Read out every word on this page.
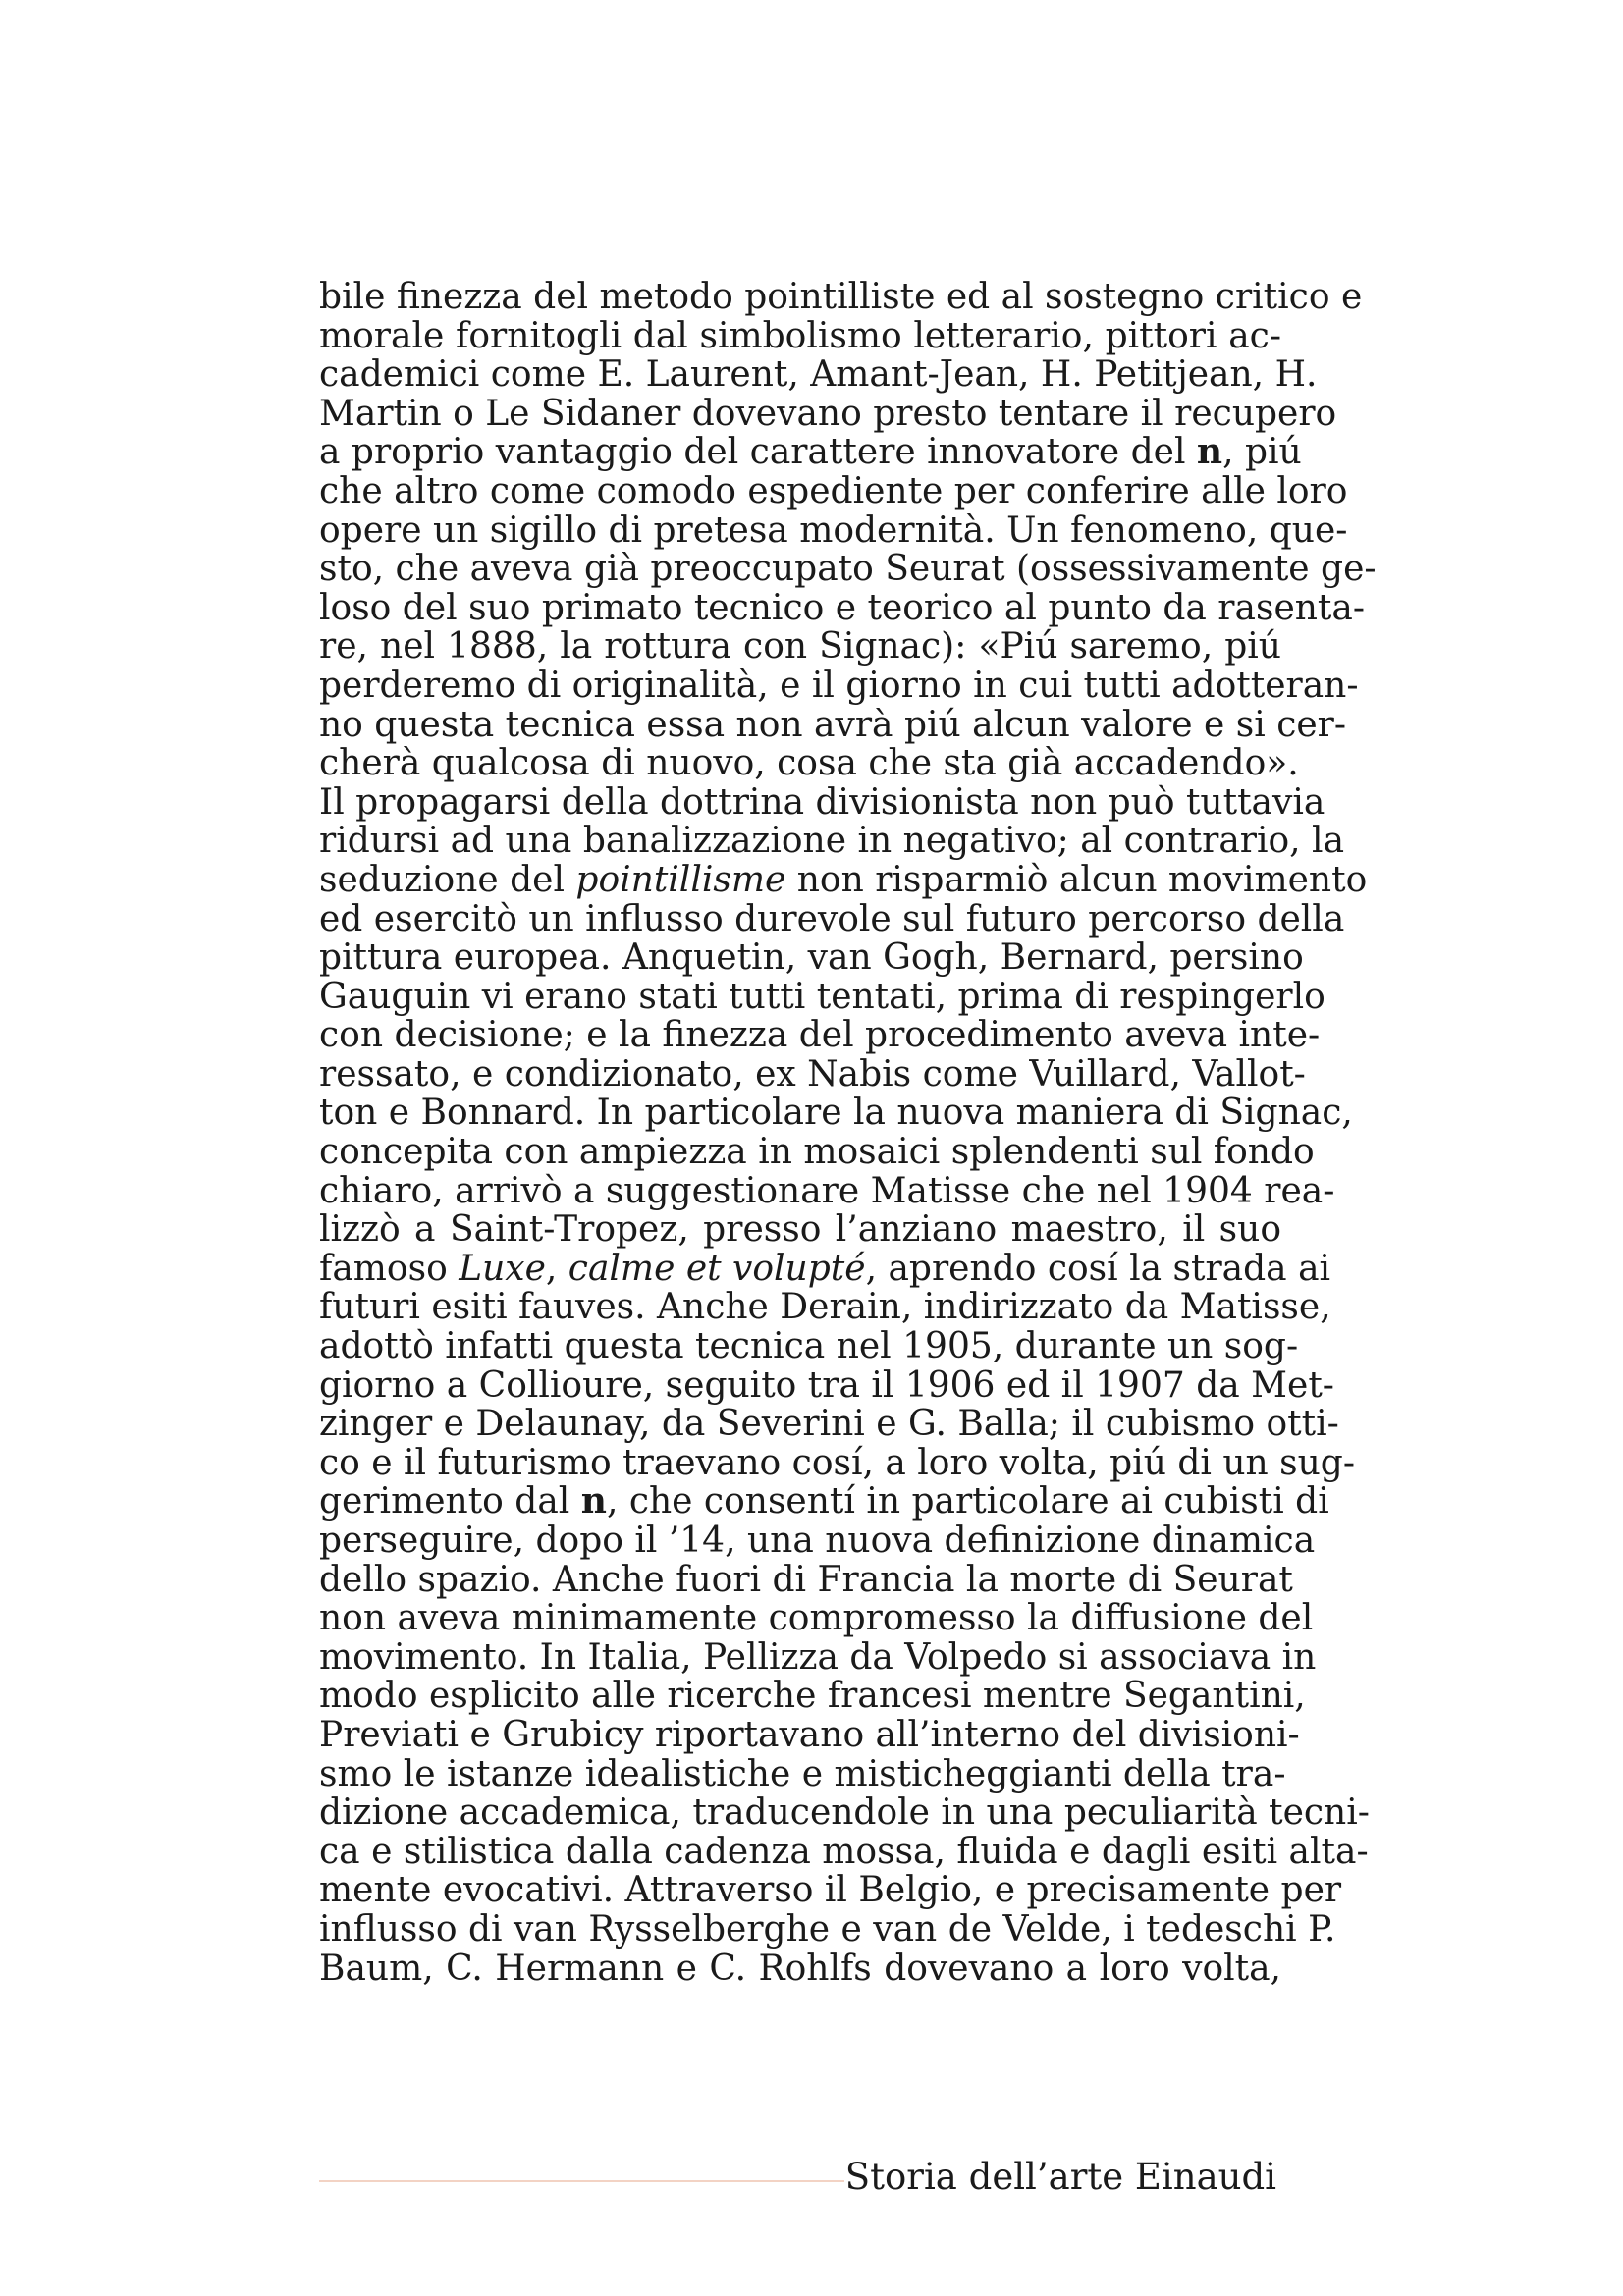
bile finezza del metodo pointilliste ed al sostegno critico e
morale fornitogli dal simbolismo letterario, pittori ac-
cademici come E. Laurent, Amant-Jean, H. Petitjean, H.
Martin o Le Sidaner dovevano presto tentare il recupero
a proprio vantaggio del carattere innovatore del n, piú
che altro come comodo espediente per conferire alle loro
opere un sigillo di pretesa modernità. Un fenomeno, que-
sto, che aveva già preoccupato Seurat (ossessivamente ge-
loso del suo primato tecnico e teorico al punto da rasenta-
re, nel 1888, la rottura con Signac): «Piú saremo, piú
perderemo di originalità, e il giorno in cui tutti adotteran-
no questa tecnica essa non avrà piú alcun valore e si cer-
cherà qualcosa di nuovo, cosa che sta già accadendo».
Il propagarsi della dottrina divisionista non può tuttavia
ridursi ad una banalizzazione in negativo; al contrario, la
seduzione del pointillisme non risparmiò alcun movimento
ed esercitò un influsso durevole sul futuro percorso della
pittura europea. Anquetin, van Gogh, Bernard, persino
Gauguin vi erano stati tutti tentati, prima di respingerlo
con decisione; e la finezza del procedimento aveva inte-
ressato, e condizionato, ex Nabis come Vuillard, Vallot-
ton e Bonnard. In particolare la nuova maniera di Signac,
concepita con ampiezza in mosaici splendenti sul fondo
chiaro, arrivò a suggestionare Matisse che nel 1904 rea-
lizzò a Saint-Tropez, presso l’anziano maestro, il suo
famoso Luxe, calme et volupté, aprendo cosí la strada ai
futuri esiti fauves. Anche Derain, indirizzato da Matisse,
adottò infatti questa tecnica nel 1905, durante un sog-
giorno a Collioure, seguito tra il 1906 ed il 1907 da Met-
zinger e Delaunay, da Severini e G. Balla; il cubismo otti-
co e il futurismo traevano cosí, a loro volta, piú di un sug-
gerimento dal n, che consentí in particolare ai cubisti di
perseguire, dopo il ’14, una nuova definizione dinamica
dello spazio. Anche fuori di Francia la morte di Seurat
non aveva minimamente compromesso la diffusione del
movimento. In Italia, Pellizza da Volpedo si associava in
modo esplicito alle ricerche francesi mentre Segantini,
Previati e Grubicy riportavano all’interno del divisioni-
smo le istanze idealistiche e misticheggianti della tra-
dizione accademica, traducendole in una peculiarità tecni-
ca e stilistica dalla cadenza mossa, fluida e dagli esiti alta-
mente evocativi. Attraverso il Belgio, e precisamente per
influsso di van Rysselberghe e van de Velde, i tedeschi P.
Baum, C. Hermann e C. Rohlfs dovevano a loro volta,
Storia dell’arte Einaudi
